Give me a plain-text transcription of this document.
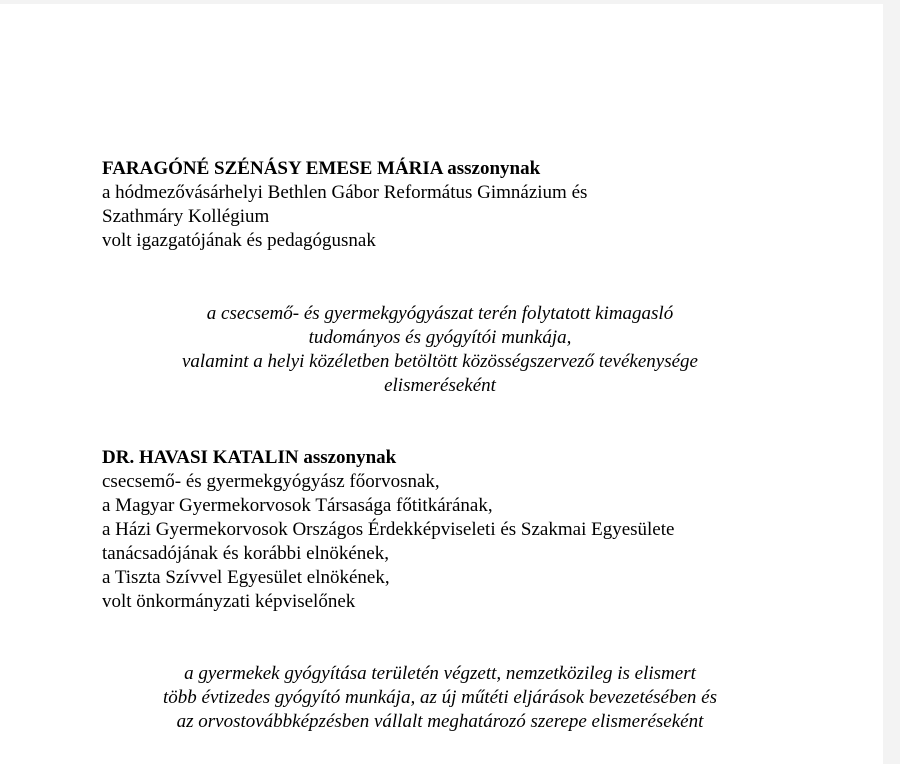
FARAGÓNÉ SZÉNÁSY EMESE MÁRIA asszonynak
a hódmezővásárhelyi Bethlen Gábor Református Gimnázium és
Szathmáry Kollégium
volt igazgatójának és pedagógusnak
a csecsemő- és gyermekgyógyászat terén folytatott kimagasló
tudományos és gyógyítói munkája,
valamint a helyi közéletben betöltött közösségszervező tevékenysége
elismeréseként
DR. HAVASI KATALIN asszonynak
csecsemő- és gyermekgyógyász főorvosnak,
a Magyar Gyermekorvosok Társasága főtitkárának,
a Házi Gyermekorvosok Országos Érdekképviseleti és Szakmai Egyesülete
tanácsadójának és korábbi elnökének,
a Tiszta Szívvel Egyesület elnökének,
volt önkormányzati képviselőnek
a gyermekek gyógyítása területén végzett, nemzetközileg is elismert
több évtizedes gyógyító munkája, az új műtéti eljárások bevezetésében és
az orvostovábbképzésben vállalt meghatározó szerepe elismeréseként
